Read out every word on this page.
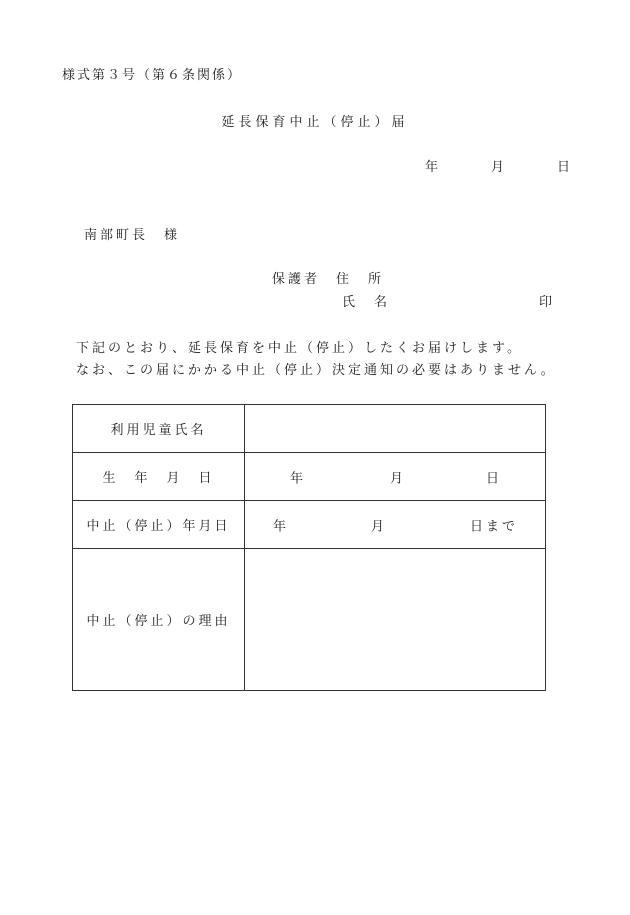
様式第３号（第６条関係）
延長保育中止（停止）届
年	月	日
南部町長 様
保護者 住　所
氏　名	印
下記のとおり、延長保育を中止（停止）したくお届けします。
なお、この届にかかる中止（停止）決定通知の必要はありません。
利用児童氏名	
生　年　月　日	年 月 日

中止（停止）年月日	年 月 日まで

中止（停止）の理由	
